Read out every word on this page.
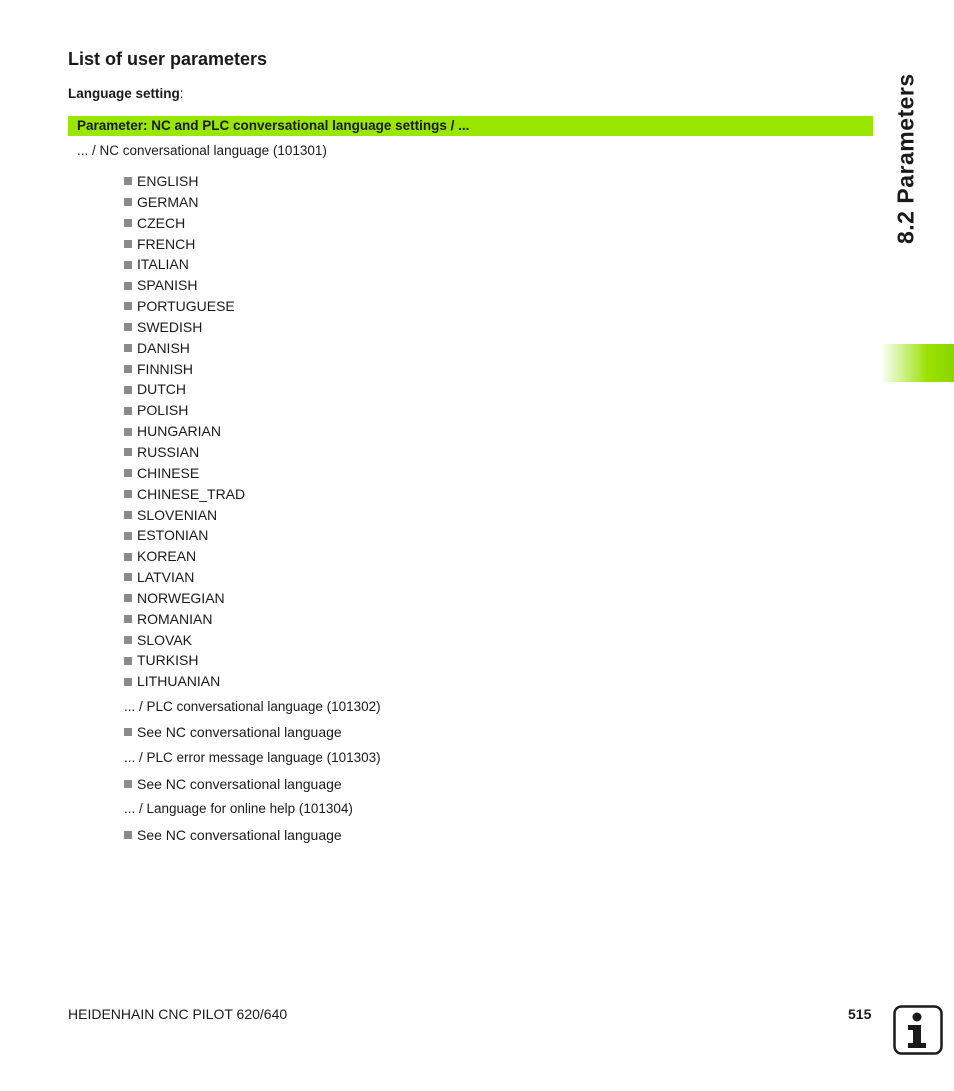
List of user parameters
Language setting:
Parameter: NC and PLC conversational language settings / ...
... / NC conversational language (101301)
ENGLISH
GERMAN
CZECH
FRENCH
ITALIAN
SPANISH
PORTUGUESE
SWEDISH
DANISH
FINNISH
DUTCH
POLISH
HUNGARIAN
RUSSIAN
CHINESE
CHINESE_TRAD
SLOVENIAN
ESTONIAN
KOREAN
LATVIAN
NORWEGIAN
ROMANIAN
SLOVAK
TURKISH
LITHUANIAN
... / PLC conversational language (101302)
See NC conversational language
... / PLC error message language (101303)
See NC conversational language
... / Language for online help (101304)
See NC conversational language
8.2 Parameters
HEIDENHAIN CNC PILOT 620/640	515
